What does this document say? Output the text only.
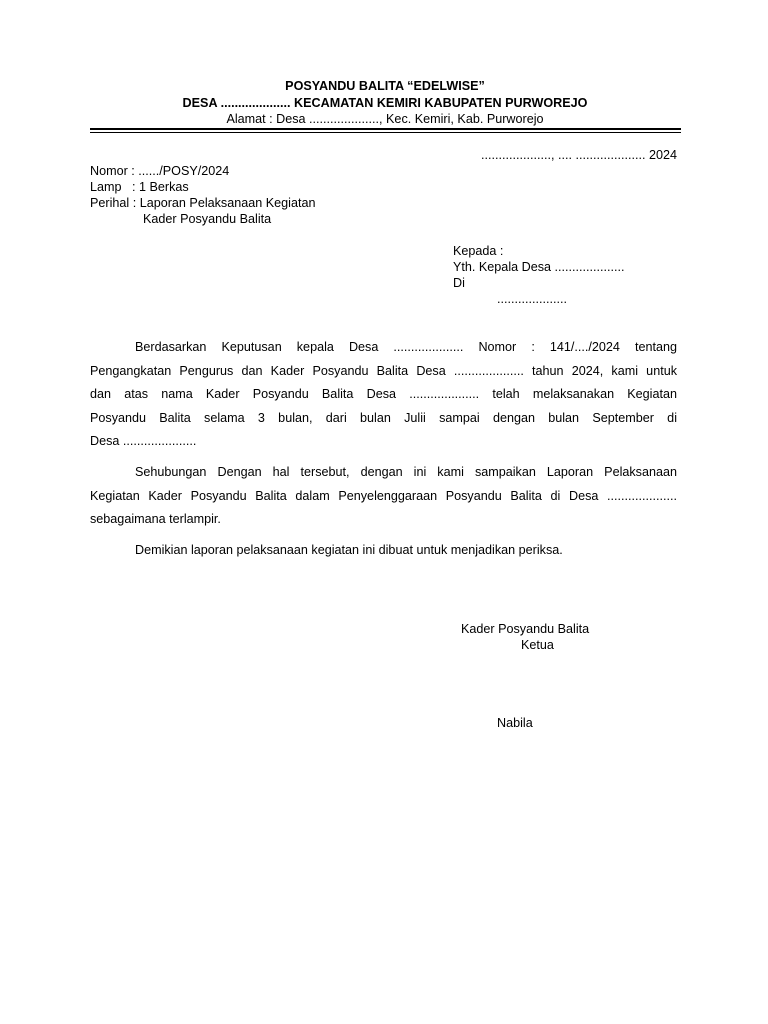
POSYANDU BALITA “EDELWISE”
DESA .................... KECAMATAN KEMIRI KABUPATEN PURWOREJO
Alamat : Desa ...................., Kec. Kemiri, Kab. Purworejo
...................., .... .................... 2024
Nomor : ....../POSY/2024
Lamp   : 1 Berkas
Perihal : Laporan Pelaksanaan Kegiatan
Kader Posyandu Balita
Kepada :
Yth. Kepala Desa ....................
Di
....................
Berdasarkan Keputusan kepala Desa .................... Nomor : 141/..../2024 tentang
Pengangkatan Pengurus dan Kader Posyandu Balita Desa .................... tahun 2024, kami untuk
dan atas nama Kader Posyandu Balita Desa .................... telah melaksanakan Kegiatan
Posyandu Balita selama 3 bulan, dari bulan Julii sampai dengan bulan September di
Desa .....................
Sehubungan Dengan hal tersebut, dengan ini kami sampaikan Laporan Pelaksanaan
Kegiatan Kader Posyandu Balita dalam Penyelenggaraan Posyandu Balita di Desa ....................
sebagaimana terlampir.
Demikian laporan pelaksanaan kegiatan ini dibuat untuk menjadikan periksa.
Kader Posyandu Balita
Ketua
Nabila
